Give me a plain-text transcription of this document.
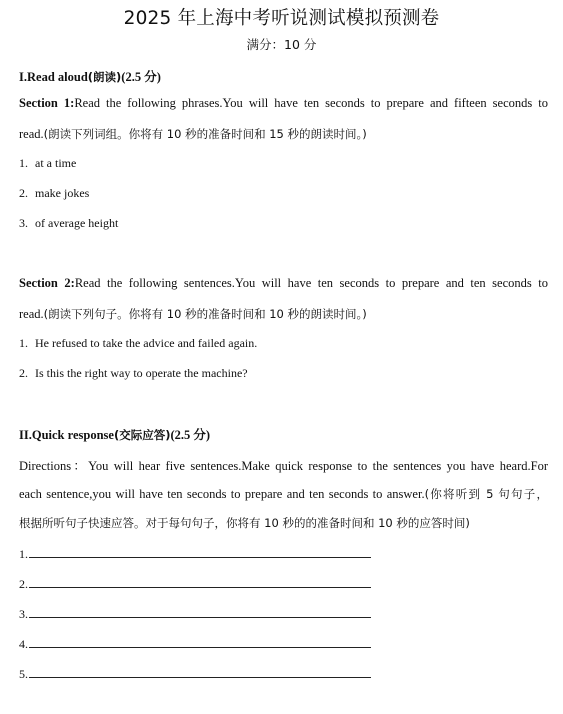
2025 年上海中考听说测试模拟预测卷
满分：10 分
I.Read aloud(朗读)(2.5 分)
Section 1:Read the following phrases.You will have ten seconds to prepare and fifteen seconds to
read.(朗读下列词组。你将有 10 秒的准备时间和 15 秒的朗读时间。)
1. at a time
2. make jokes
3. of average height
Section 2:Read the following sentences.You will have ten seconds to prepare and ten seconds to
read.(朗读下列句子。你将有 10 秒的准备时间和 10 秒的朗读时间。)
1. He refused to take the advice and failed again.
2. Is this the right way to operate the machine?
II.Quick response(交际应答)(2.5 分)
Directions：You will hear five sentences.Make quick response to the sentences you have heard.For
each sentence,you will have ten seconds to prepare and ten seconds to answer.(你将听到 5 句句子，
根据所听句子快速应答。对于每句句子，你将有 10 秒的的准备时间和 10 秒的应答时间)
1.
2.
3.
4.
5.
